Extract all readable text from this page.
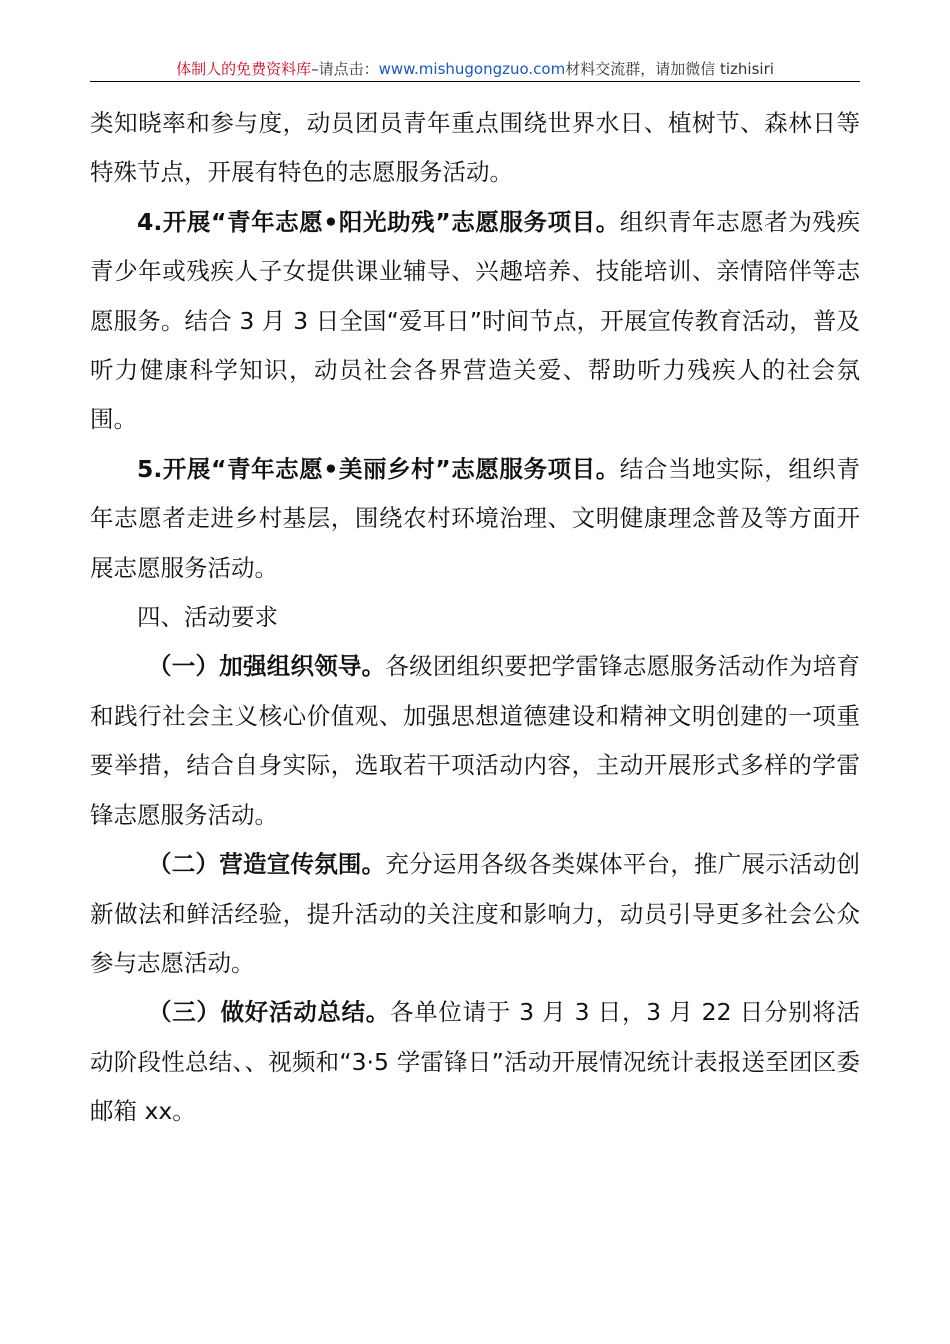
体制人的免费资料库–请点击：www.mishugongzuo.com材料交流群，请加微信 tizhisiri

类知晓率和参与度，动员团员青年重点围绕世界水日、植树节、森林日等特殊节点，开展有特色的志愿服务活动。

4.开展“青年志愿•阳光助残”志愿服务项目。组织青年志愿者为残疾青少年或残疾人子女提供课业辅导、兴趣培养、技能培训、亲情陪伴等志愿服务。结合 3 月 3 日全国“爱耳日”时间节点，开展宣传教育活动，普及听力健康科学知识，动员社会各界营造关爱、帮助听力残疾人的社会氛围。

5.开展“青年志愿•美丽乡村”志愿服务项目。结合当地实际，组织青年志愿者走进乡村基层，围绕农村环境治理、文明健康理念普及等方面开展志愿服务活动。

四、活动要求

（一）加强组织领导。各级团组织要把学雷锋志愿服务活动作为培育和践行社会主义核心价值观、加强思想道德建设和精神文明创建的一项重要举措，结合自身实际，选取若干项活动内容，主动开展形式多样的学雷锋志愿服务活动。

（二）营造宣传氛围。充分运用各级各类媒体平台，推广展示活动创新做法和鲜活经验，提升活动的关注度和影响力，动员引导更多社会公众参与志愿活动。

（三）做好活动总结。各单位请于 3 月 3 日，3 月 22 日分别将活动阶段性总结、、视频和“3·5 学雷锋日”活动开展情况统计表报送至团区委邮箱 xx。
